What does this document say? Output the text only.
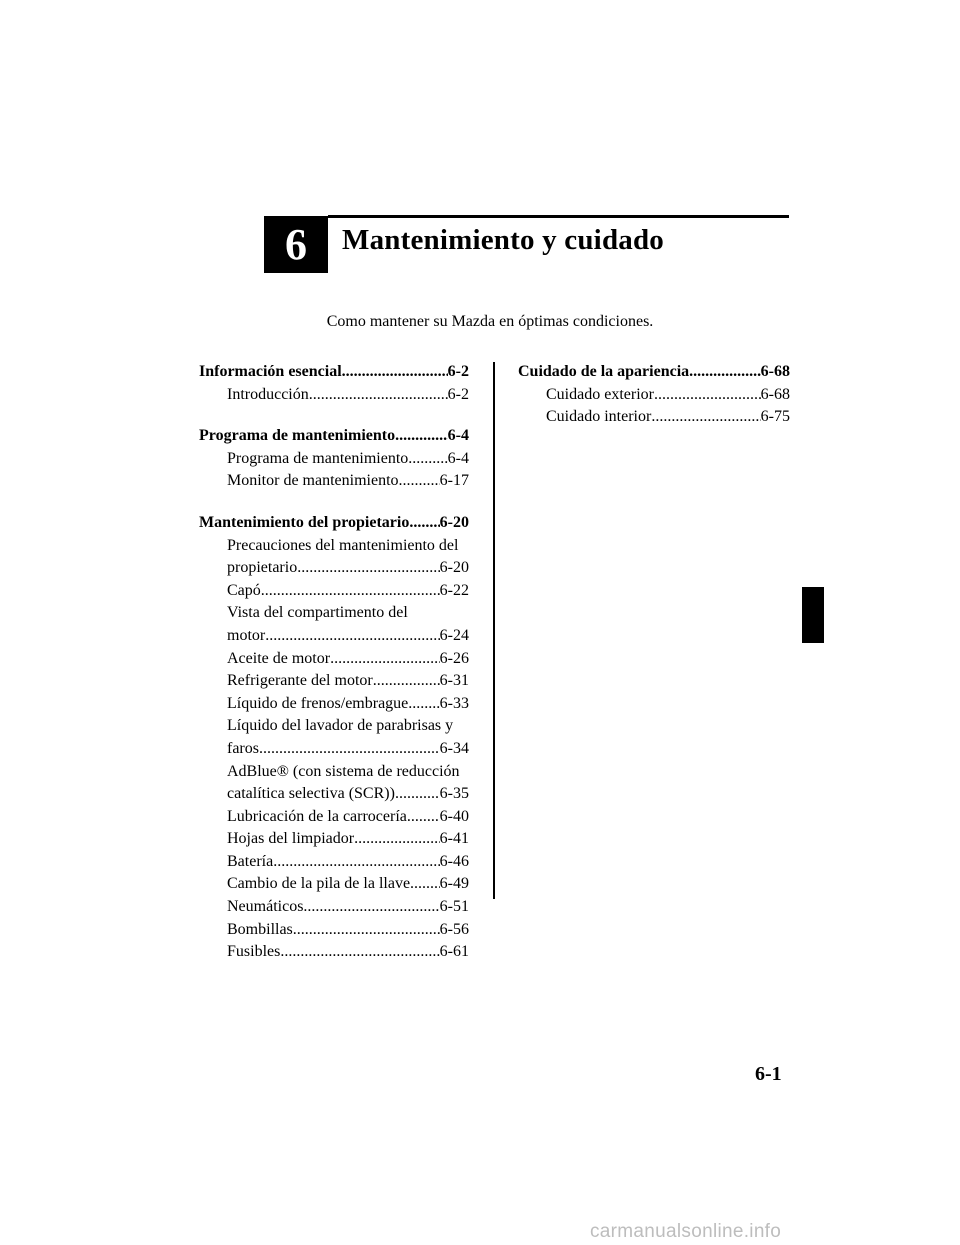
6	Mantenimiento y cuidado
Como mantener su Mazda en óptimas condiciones.
Información esencial .....	6-2
Introducción .....	6-2
Programa de mantenimiento .....	6-4
Programa de mantenimiento ..... 6-4
Monitor de mantenimiento .....	6-17
Mantenimiento del propietario ..... 6-20
Precauciones del mantenimiento del
propietario .....	6-20
Capó .....	6-22
Vista del compartimento del
motor .....	6-24
Aceite de motor .....	6-26
Refrigerante del motor .....	6-31
Líquido de frenos/embrague ..... 6-33
Líquido del lavador de parabrisas y
faros .....	6-34
AdBlue® (con sistema de reducción
catalítica selectiva (SCR)) .....	6-35
Lubricación de la carrocería ..... 6-40
Hojas del limpiador .....	6-41
Batería .....	6-46
Cambio de la pila de la llave ..... 6-49
Neumáticos .....	6-51
Bombillas .....	6-56
Fusibles .....	6-61
Cuidado de la apariencia .....	6-68
Cuidado exterior .....	6-68
Cuidado interior .....	6-75
6-1
carmanualsonline.info
